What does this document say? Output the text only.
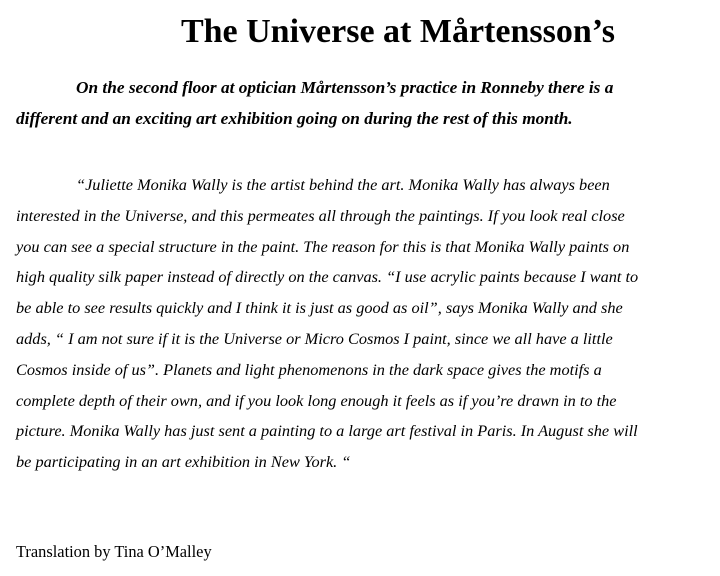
The Universe at Mårtensson’s

On the second floor at optician Mårtensson’s practice in Ronneby there is a
different and an exciting art exhibition going on during the rest of this month.

“Juliette Monika Wally is the artist behind the art. Monika Wally has always been
interested in the Universe, and this permeates all through the paintings. If you look real close
you can see a special structure in the paint. The reason for this is that Monika Wally paints on
high quality silk paper instead of directly on the canvas. “I use acrylic paints because I want to
be able to see results quickly and I think it is just as good as oil”, says Monika Wally and she
adds, “ I am not sure if it is the Universe or Micro Cosmos I paint, since we all have a little
Cosmos inside of us”. Planets and light phenomenons in the dark space gives the motifs a
complete depth of their own, and if you look long enough it feels as if you’re drawn in to the
picture. Monika Wally has just sent a painting to a large art festival in Paris. In August she will
be participating in an art exhibition in New York. “

Translation by Tina O’Malley
